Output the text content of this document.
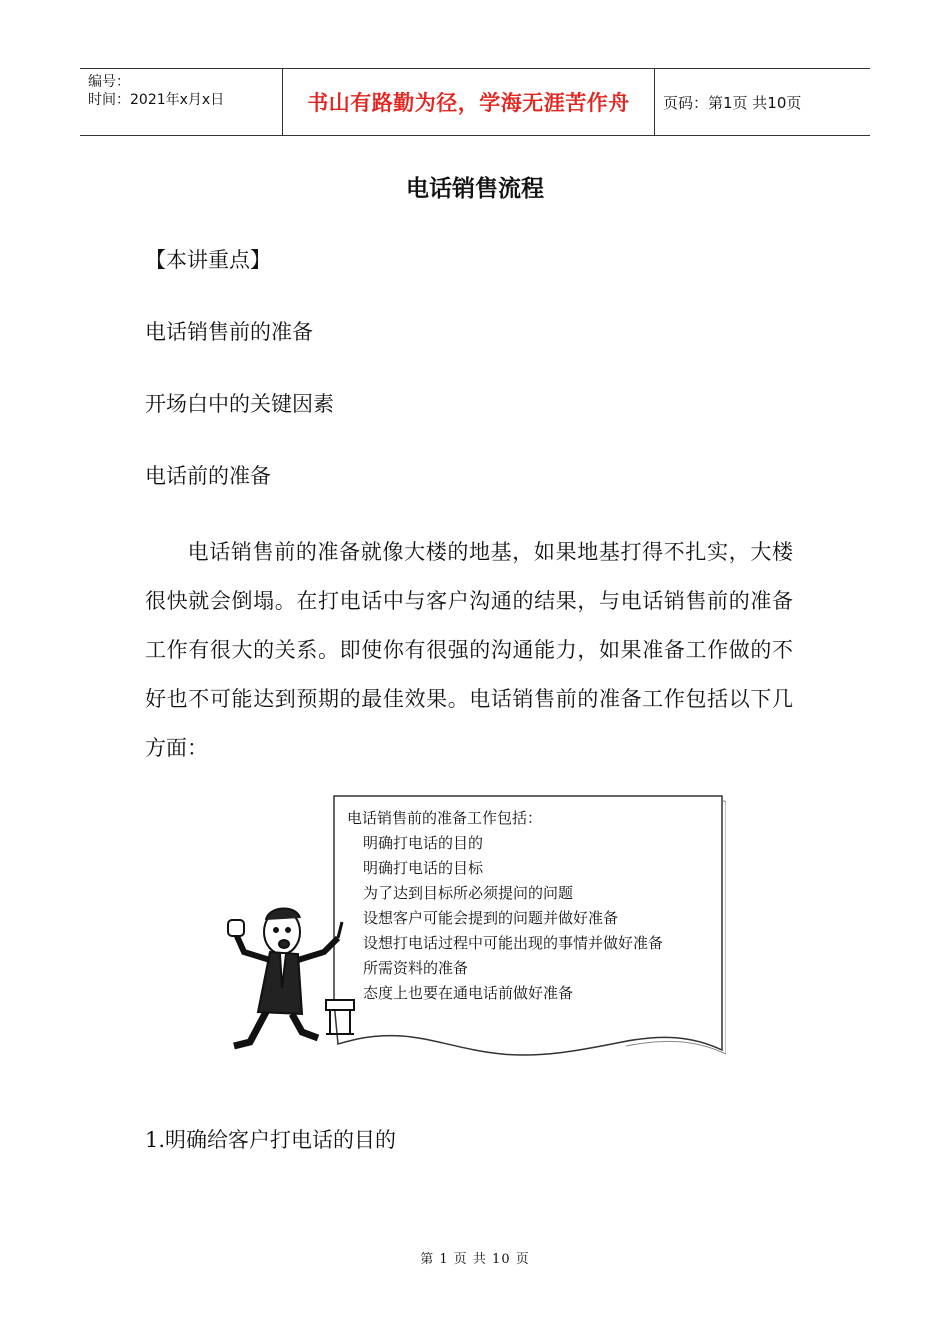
编号：
时间：2021年x月x日	书山有路勤为径，学海无涯苦作舟	页码：第1页 共10页
电话销售流程
【本讲重点】
电话销售前的准备
开场白中的关键因素
电话前的准备
电话销售前的准备就像大楼的地基，如果地基打得不扎实，大楼很快就会倒塌。在打电话中与客户沟通的结果，与电话销售前的准备工作有很大的关系。即使你有很强的沟通能力，如果准备工作做的不好也不可能达到预期的最佳效果。电话销售前的准备工作包括以下几方面：
电话销售前的准备工作包括：
明确打电话的目的
明确打电话的目标
为了达到目标所必须提问的问题
设想客户可能会提到的问题并做好准备
设想打电话过程中可能出现的事情并做好准备
所需资料的准备
态度上也要在通电话前做好准备
1.明确给客户打电话的目的
第 1 页 共 10 页
